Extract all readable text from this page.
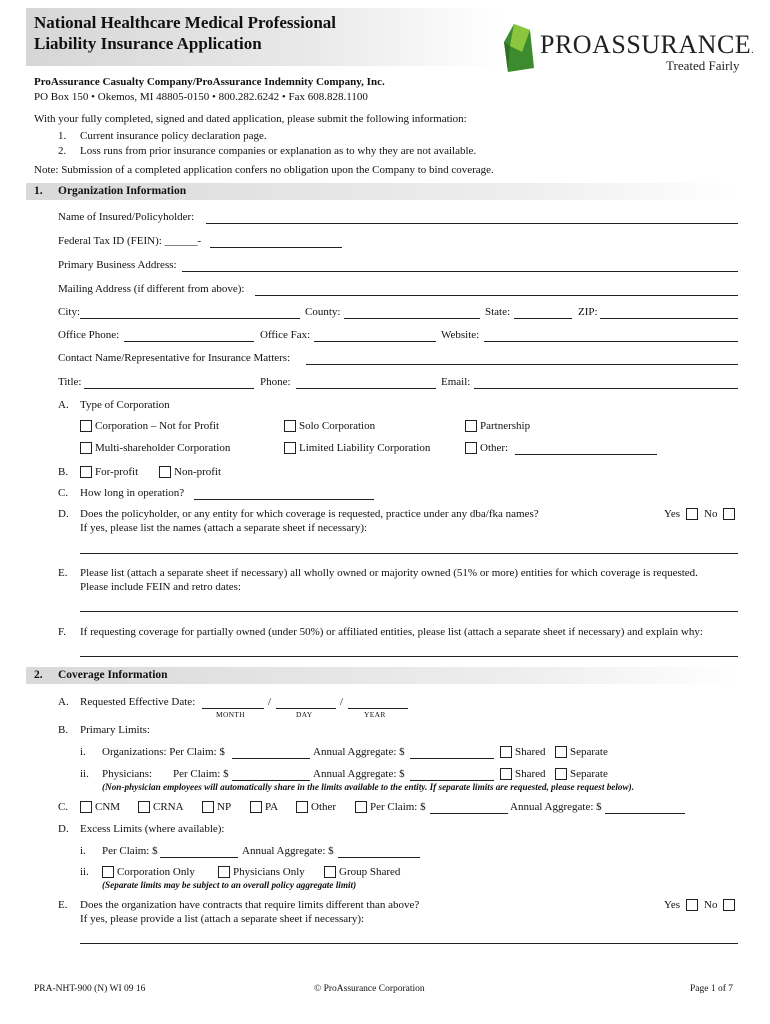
National Healthcare Medical Professional
Liability Insurance Application	PROASSURANCE.
Treated Fairly
ProAssurance Casualty Company/ProAssurance Indemnity Company, Inc.
PO Box 150 • Okemos, MI 48805-0150 • 800.282.6242 • Fax 608.828.1100
With your fully completed, signed and dated application, please submit the following information:
1. Current insurance policy declaration page.
2. Loss runs from prior insurance companies or explanation as to why they are not available.
Note: Submission of a completed application confers no obligation upon the Company to bind coverage.
1. Organization Information
Name of Insured/Policyholder:
Federal Tax ID (FEIN): ______-
Primary Business Address:
Mailing Address (if different from above):
City:	County:	State:	ZIP:
Office Phone:	Office Fax:	Website:
Contact Name/Representative for Insurance Matters:
Title:	Phone:	Email:
A. Type of Corporation
Corporation – Not for Profit	Solo Corporation	Partnership
Multi-shareholder Corporation	Limited Liability Corporation	Other:
B. For-profit	Non-profit
C. How long in operation?
D. Does the policyholder, or any entity for which coverage is requested, practice under any dba/fka names?
If yes, please list the names (attach a separate sheet if necessary):
Yes No
E. Please list (attach a separate sheet if necessary) all wholly owned or majority owned (51% or more) entities for which coverage is requested.
Please include FEIN and retro dates:
F. If requesting coverage for partially owned (under 50%) or affiliated entities, please list (attach a separate sheet if necessary) and explain why:
2. Coverage Information
A. Requested Effective Date:	/	/
MONTH	DAY	YEAR
B. Primary Limits:
i. Organizations: Per Claim: $	Annual Aggregate: $	Shared Separate
ii. Physicians: Per Claim: $	Annual Aggregate: $	Shared Separate
(Non-physician employees will automatically share in the limits available to the entity. If separate limits are requested, please request below).
C. CNM	CRNA	NP	PA	Other	Per Claim: $	Annual Aggregate: $
D. Excess Limits (where available):
i. Per Claim: $	Annual Aggregate: $
ii.	Corporation Only	Physicians Only	Group Shared
(Separate limits may be subject to an overall policy aggregate limit)
E. Does the organization have contracts that require limits different than above?
If yes, please provide a list (attach a separate sheet if necessary):
Yes No
PRA-NHT-900 (N) WI 09 16	© ProAssurance Corporation	Page 1 of 7
